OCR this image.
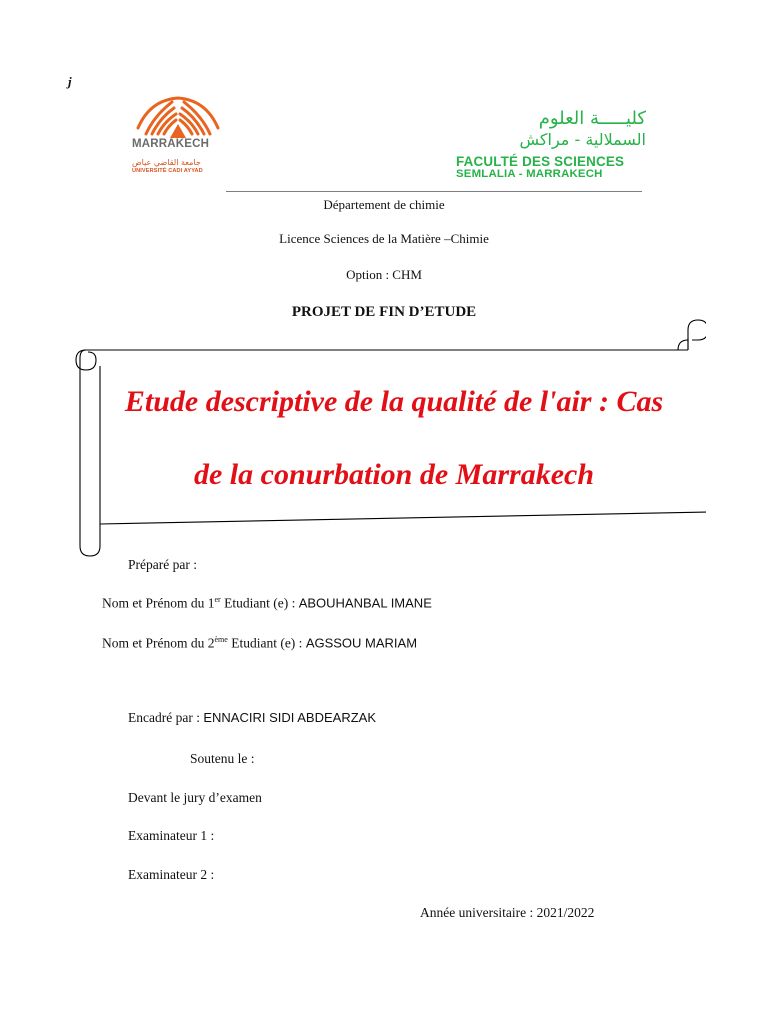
j
MARRAKECH
جامعة القاضي عياض
UNIVERSITÉ CADI AYYAD
كليـــــة العلوم
السملالية - مراكش
FACULTÉ DES SCIENCES
SEMLALIA - MARRAKECH
Département de chimie
Licence Sciences de la Matière –Chimie
Option : CHM
PROJET DE FIN D’ETUDE
Etude descriptive de la qualité de l'air : Cas
de la conurbation de Marrakech
Préparé par :
Nom et Prénom du 1er Etudiant (e) : ABOUHANBAL IMANE
Nom et Prénom du 2ème Etudiant (e) : AGSSOU MARIAM
Encadré par : ENNACIRI SIDI ABDEARZAK
Soutenu le :
Devant le jury d’examen
Examinateur 1 :
Examinateur 2 :
Année universitaire : 2021/2022
